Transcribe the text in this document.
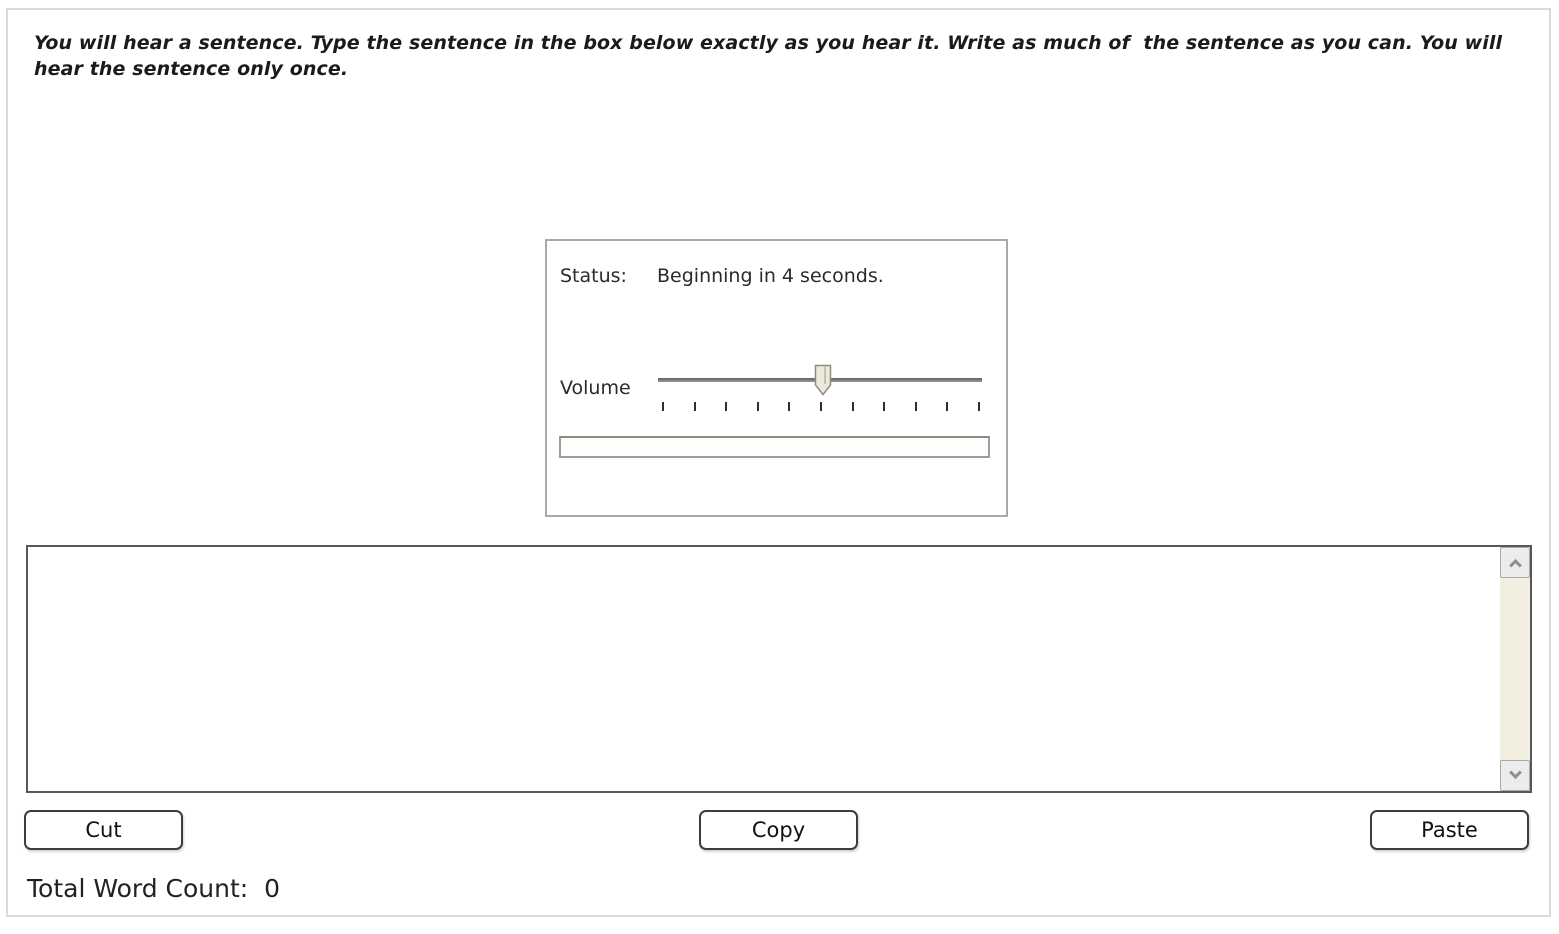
You will hear a sentence. Type the sentence in the box below exactly as you hear it. Write as much of  the sentence as you can. You will hear the sentence only once.
Status: Beginning in 4 seconds.
Volume
Cut	Copy	Paste
Total Word Count: 0
